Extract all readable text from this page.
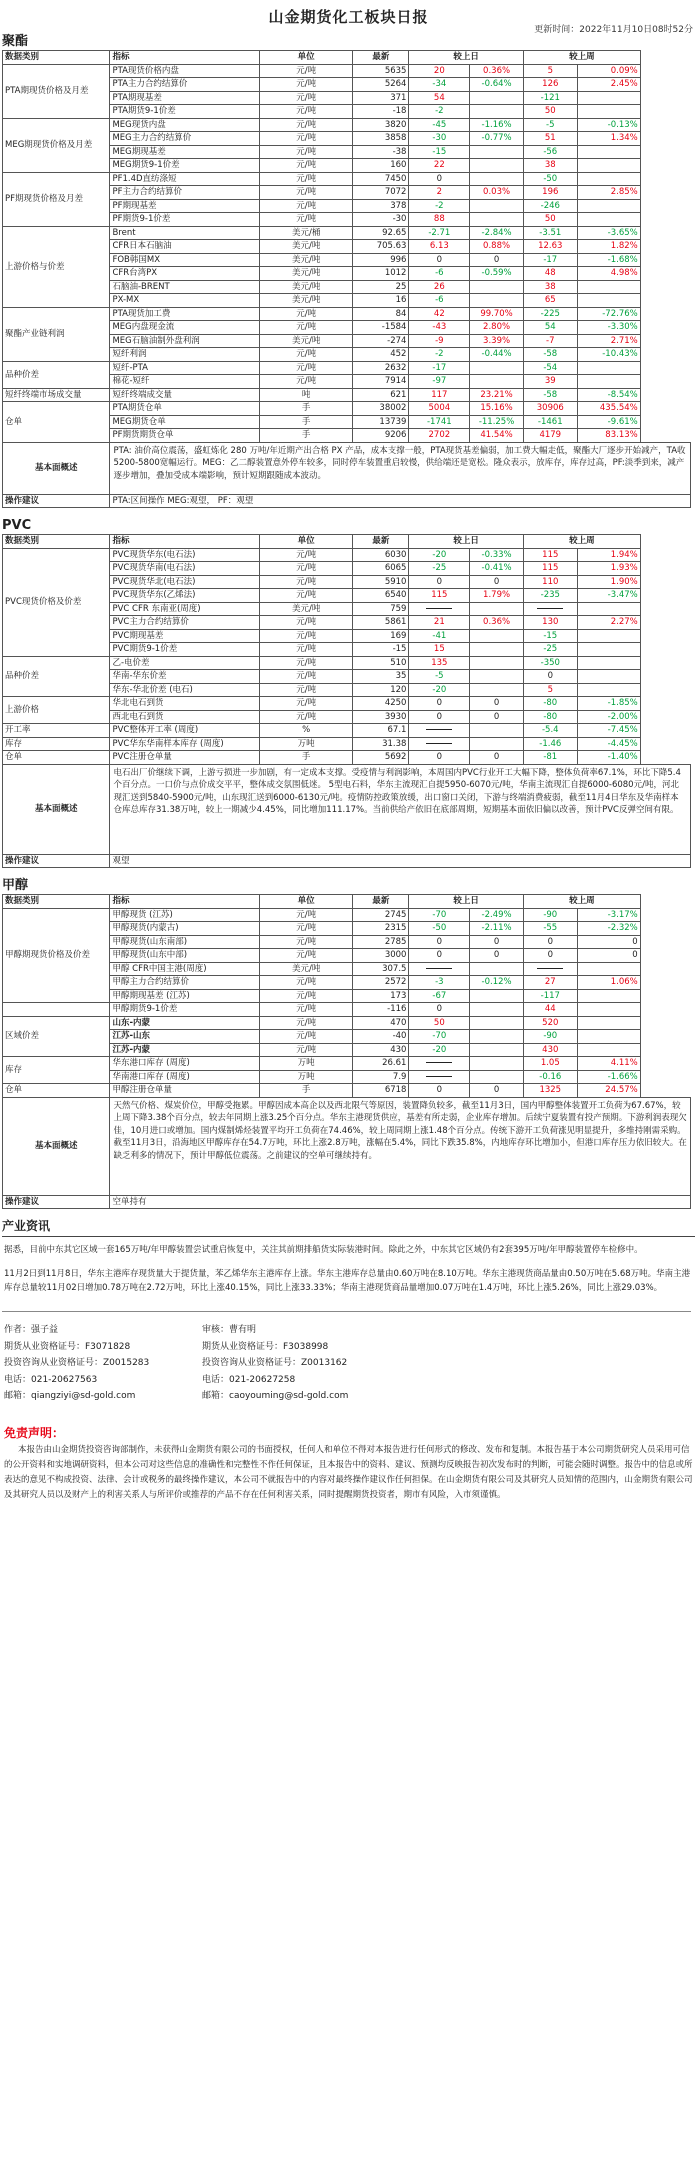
山金期货化工板块日报
更新时间：2022年11月10日08时52分
聚酯
数据类别	指标	单位	最新	较上日		较上周	
PTA期现货价格及月差	PTA现货价格内盘	元/吨	5635	20	0.36%	5	0.09%
	PTA主力合约结算价	元/吨	5264	-34	-0.64%	126	2.45%
	PTA期现基差	元/吨	371	54		-121	
	PTA期货9-1价差	元/吨	-18	-2		50	
MEG期现货价格及月差	MEG现货内盘	元/吨	3820	-45	-1.16%	-5	-0.13%
	MEG主力合约结算价	元/吨	3858	-30	-0.77%	51	1.34%
	MEG期现基差	元/吨	-38	-15		-56	
	MEG期货9-1价差	元/吨	160	22		38	
PF期现货价格及月差	PF1.4D直纺涤短	元/吨	7450	0		-50	
	PF主力合约结算价	元/吨	7072	2	0.03%	196	2.85%
	PF期现基差	元/吨	378	-2		-246	
	PF期货9-1价差	元/吨	-30	88		50	
上游价格与价差	Brent	美元/桶	92.65	-2.71	-2.84%	-3.51	-3.65%
	CFR日本石脑油	美元/吨	705.63	6.13	0.88%	12.63	1.82%
	FOB韩国MX	美元/吨	996	0	0	-17	-1.68%
	CFR台湾PX	美元/吨	1012	-6	-0.59%	48	4.98%
	石脑油-BRENT	美元/吨	25	26		38	
	PX-MX	美元/吨	16	-6		65	
聚酯产业链利润	PTA现货加工费	元/吨	84	42	99.70%	-225	-72.76%
	MEG内盘现金流	元/吨	-1584	-43	2.80%	54	-3.30%
	MEG石脑油制外盘利润	美元/吨	-274	-9	3.39%	-7	2.71%
	短纤利润	元/吨	452	-2	-0.44%	-58	-10.43%
品种价差	短纤-PTA	元/吨	2632	-17		-54	
	棉花-短纤	元/吨	7914	-97		39	
短纤终端市场成交量	短纤终端成交量	吨	621	117	23.21%	-58	-8.54%
仓单	PTA期货仓单	手	38002	5004	15.16%	30906	435.54%
	MEG期货仓单	手	13739	-1741	-11.25%	-1461	-9.61%
	PF期货期货仓单	手	9206	2702	41.54%	4179	83.13%
基本面概述	PTA: 油价高位震荡，盛虹炼化 280 万吨/年近期产出合格 PX 产品，成本支撑一般，PTA现货基差偏弱，加工费大幅走低，聚酯大厂逐步开始减产，TA收5200-5800宽幅运行。MEG：乙二醇装置意外停车较多，同时停车装置重启较慢，供给端还是宽松。隆众表示，放库存，库存过高，PF:淡季到来，减产逐步增加，叠加受成本端影响，预计短期跟随成本波动。						
操作建议	PTA:区间操作 MEG:观望， PF：观望						
PVC
数据类别	指标	单位	最新	较上日		较上周	
PVC现货价格及价差	PVC现货华东(电石法)	元/吨	6030	-20	-0.33%	115	1.94%
	PVC现货华南(电石法)	元/吨	6065	-25	-0.41%	115	1.93%
	PVC现货华北(电石法)	元/吨	5910	0	0	110	1.90%
	PVC现货华东(乙烯法)	元/吨	6540	115	1.79%	-235	-3.47%
	PVC CFR 东南亚(周度)	美元/吨	759				
	PVC主力合约结算价	元/吨	5861	21	0.36%	130	2.27%
	PVC期现基差	元/吨	169	-41		-15	
	PVC期货9-1价差	元/吨	-15	15		-25	
品种价差	乙-电价差	元/吨	510	135		-350	
	华南-华东价差	元/吨	35	-5		0	
	华东-华北价差 (电石)	元/吨	120	-20		5	
上游价格	华北电石到货	元/吨	4250	0	0	-80	-1.85%
	西北电石到货	元/吨	3930	0	0	-80	-2.00%
开工率	PVC整体开工率 (周度)	%	67.1			-5.4	-7.45%
库存	PVC华东华南样本库存 (周度)	万吨	31.38			-1.46	-4.45%
仓单	PVC注册仓单量	手	5692	0	0	-81	-1.40%
基本面概述	电石出厂价继续下调，上游亏损进一步加剧，有一定成本支撑。受疫情与利润影响，本周国内PVC行业开工大幅下降，整体负荷率67.1%，环比下降5.4个百分点。一口价与点价成交平平，整体成交氛围低迷。 5型电石料，华东主流现汇自提5950-6070元/吨，华南主流现汇自提6000-6080元/吨，河北现汇送到5840-5900元/吨，山东现汇送到6000-6130元/吨。疫情防控政策放缓，出口窗口关闭，下游与终端消费疲弱，截至11月4日华东及华南样本仓库总库存31.38万吨，较上一期减少4.45%，同比增加111.17%。当前供给产依旧在底部周期，短期基本面依旧偏以改善，预计PVC反弹空间有限。						
操作建议	观望						
甲醇
数据类别	指标	单位	最新	较上日		较上周	
甲醇期现货价格及价差	甲醇现货 (江苏)	元/吨	2745	-70	-2.49%	-90	-3.17%
	甲醇现货(内蒙古)	元/吨	2315	-50	-2.11%	-55	-2.32%
	甲醇现货(山东南部)	元/吨	2785	0	0	0	0
	甲醇现货(山东中部)	元/吨	3000	0	0	0	0
	甲醇 CFR中国主港(周度)	美元/吨	307.5				
	甲醇主力合约结算价	元/吨	2572	-3	-0.12%	27	1.06%
	甲醇期现基差 (江苏)	元/吨	173	-67		-117	
	甲醇期货9-1价差	元/吨	-116	0		44	
区域价差	山东-内蒙	元/吨	470	50		520	
	江苏-山东	元/吨	-40	-70		-90	
	江苏-内蒙	元/吨	430	-20		430	
库存	华东港口库存 (周度)	万吨	26.61			1.05	4.11%
	华南港口库存 (周度)	万吨	7.9			-0.16	-1.66%
仓单	甲醇注册仓单量	手	6718	0	0	1325	24.57%
基本面概述	天然气价格、煤炭价位，甲醇受拖累。甲醇因成本高企以及西北限气等原因，装置降负较多，截至11月3日，国内甲醇整体装置开工负荷为67.67%，较上周下降3.38个百分点，较去年同期上涨3.25个百分点。华东主港现货供应，基差有所走弱，企业库存增加。后续宁夏装置有投产预期。下游利润表现欠佳，10月进口或增加。国内煤制烯烃装置平均开工负荷在74.46%，较上周同期上涨1.48个百分点。传统下游开工负荷涨见明显提升，多维持刚需采购。截至11月3日，沿海地区甲醇库存在54.7万吨，环比上涨2.8万吨，涨幅在5.4%，同比下跌35.8%，内地库存环比增加小，但港口库存压力依旧较大。在缺乏利多的情况下，预计甲醇低位震荡。之前建议的空单可继续持有。						
操作建议	空单持有						
产业资讯

据悉，目前中东其它区域一套165万吨/年甲醇装置尝试重启恢复中，关注其前期排船货实际装港时间。除此之外，中东其它区域仍有2套395万吨/年甲醇装置停车检修中。

11月2日到11月8日，华东主港库存现货量大于提货量，苯乙烯华东主港库存上涨。华东主港库存总量由0.60万吨在8.10万吨。华东主港现货商品量由0.50万吨在5.68万吨。华南主港库存总量较11月02日增加0.78万吨在2.72万吨，环比上涨40.15%，同比上涨33.33%；华南主港现货商品量增加0.07万吨在1.4万吨，环比上涨5.26%，同比上涨29.03%。

作者：强子益
期货从业资格证号：F3071828
投资咨询从业资格证号：Z0015283
电话：021-20627563
邮箱：qiangziyi@sd-gold.com
审核：曹有明
期货从业资格证号：F3038998
投资咨询从业资格证号：Z0013162
电话：021-20627258
邮箱：caoyouming@sd-gold.com
免责声明：
本报告由山金期货投资咨询部制作，未获得山金期货有限公司的书面授权，任何人和单位不得对本报告进行任何形式的修改、发布和复制。本报告基于本公司期货研究人员采用可信的公开资料和实地调研资料，但本公司对这些信息的准确性和完整性不作任何保证，且本报告中的资料、建议、预测均反映报告初次发布时的判断，可能会随时调整。报告中的信息或所表达的意见不构成投资、法律、会计或税务的最终操作建议，本公司不就报告中的内容对最终操作建议作任何担保。在山金期货有限公司及其研究人员知情的范围内，山金期货有限公司及其研究人员以及财产上的利害关系人与所评价或推荐的产品不存在任何利害关系，同时提醒期货投资者，期市有风险，入市须谨慎。
